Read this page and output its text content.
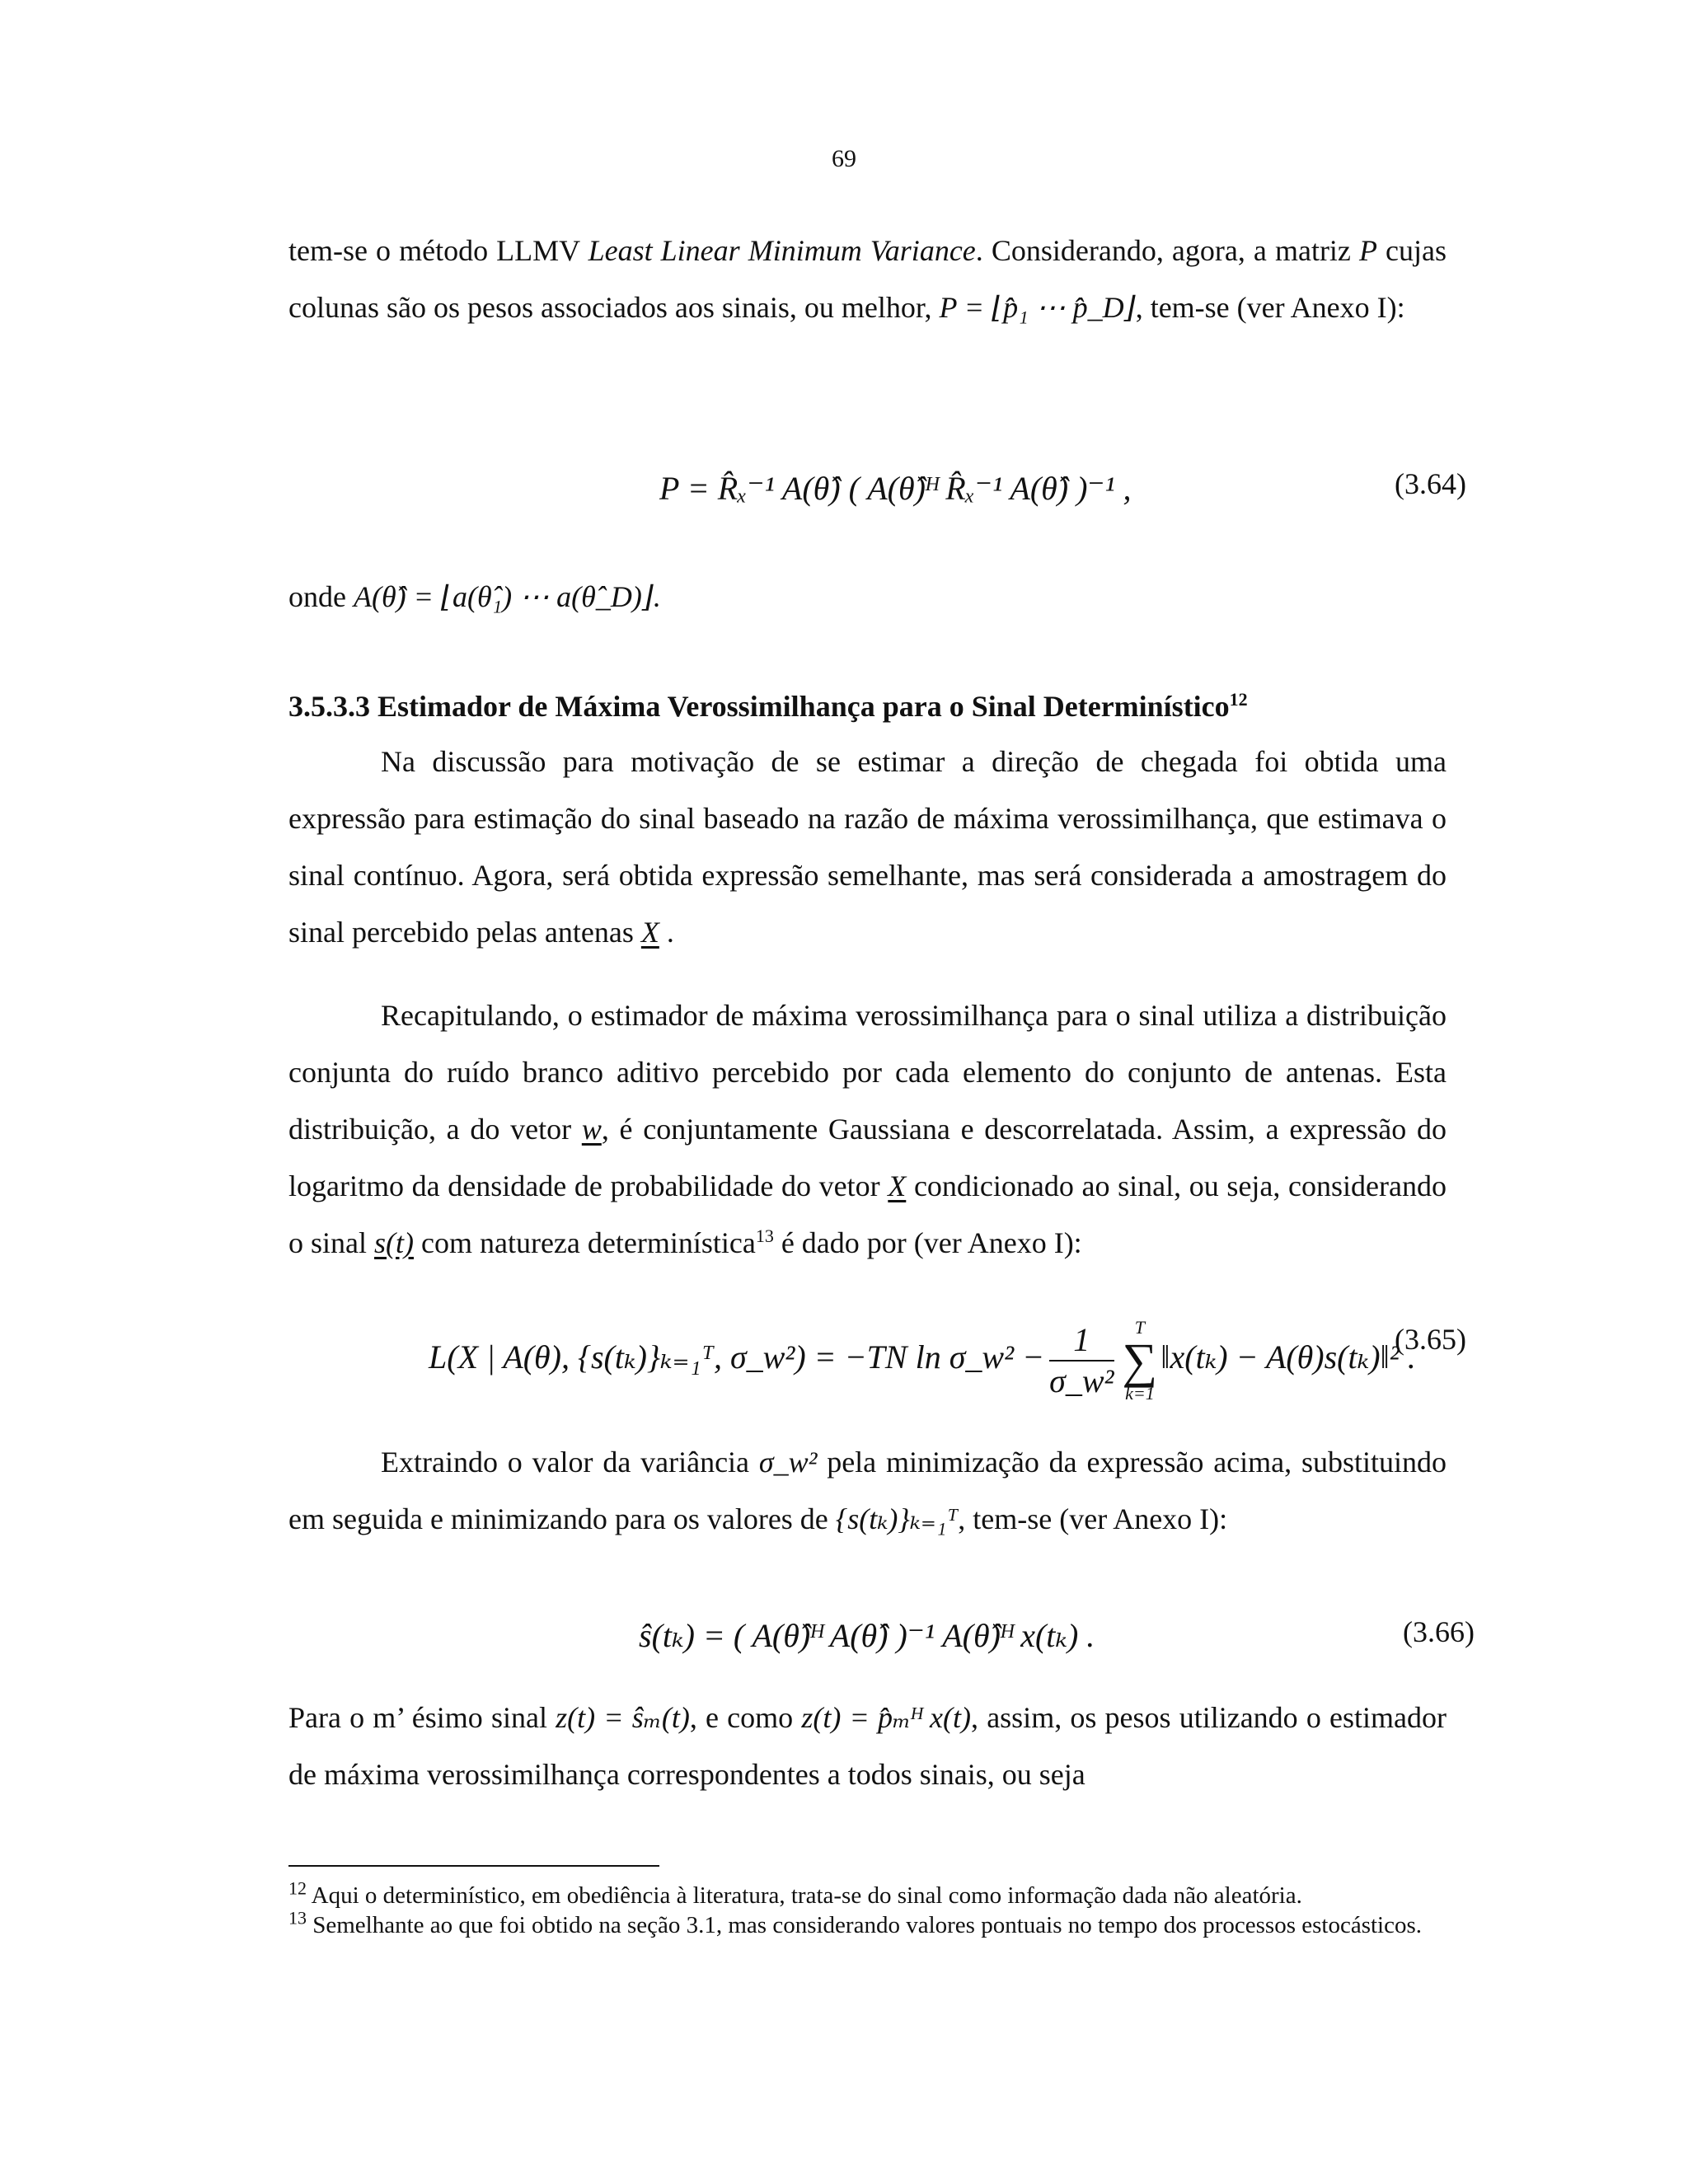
69

tem-se o método LLMV Least Linear Minimum Variance. Considerando, agora, a matriz P cujas colunas são os pesos associados aos sinais, ou melhor, P = ⌊p̂₁ ⋯ p̂_D⌋, tem-se (ver Anexo I):

P = R̂ₓ⁻¹ A(θ̂) ( A(θ̂)ᴴ R̂ₓ⁻¹ A(θ̂) )⁻¹ ,	(3.64)
onde A(θ̂) = ⌊a(θ̂₁) ⋯ a(θ̂_D)⌋.
3.5.3.3 Estimador de Máxima Verossimilhança para o Sinal Determinístico$^{12}$

Na discussão para motivação de se estimar a direção de chegada foi obtida uma expressão para estimação do sinal baseado na razão de máxima verossimilhança, que estimava o sinal contínuo. Agora, será obtida expressão semelhante, mas será considerada a amostragem do sinal percebido pelas antenas X .

Recapitulando, o estimador de máxima verossimilhança para o sinal utiliza a distribuição conjunta do ruído branco aditivo percebido por cada elemento do conjunto de antenas. Esta distribuição, a do vetor w, é conjuntamente Gaussiana e descorrelatada. Assim, a expressão do logaritmo da densidade de probabilidade do vetor X condicionado ao sinal, ou seja, considerando o sinal s(t) com natureza determinística$^{13}$ é dado por (ver Anexo I):

L(X | A(θ), {s(tₖ)}ₖ₌₁ᵀ, σ_w²) = −TN ln σ_w² − $\frac{1}{\text{σ\_w²}}$	T
∑
k=1
‖x(tₖ) − A(θ)s(tₖ)‖² .
(3.65)

Extraindo o valor da variância σ_w² pela minimização da expressão acima, substituindo em seguida e minimizando para os valores de {s(tₖ)}ₖ₌₁ᵀ, tem-se (ver Anexo I):

ŝ(tₖ) = ( A(θ̂)ᴴ A(θ̂) )⁻¹ A(θ̂)ᴴ x(tₖ) .	(3.66)

Para o m’ ésimo sinal z(t) = ŝₘ(t), e como z(t) = p̂ₘᴴ x(t), assim, os pesos utilizando o estimador de máxima verossimilhança correspondentes a todos sinais, ou seja

$^{12}$ Aqui o determinístico, em obediência à literatura, trata-se do sinal como informação dada não aleatória.
$^{13}$ Semelhante ao que foi obtido na seção 3.1, mas considerando valores pontuais no tempo dos processos estocásticos.
